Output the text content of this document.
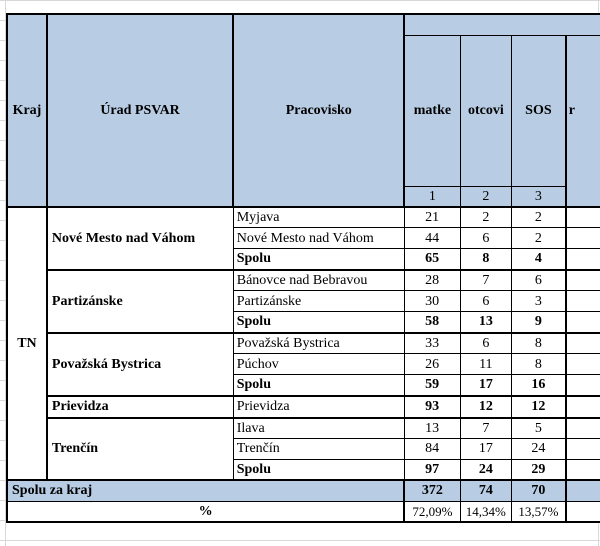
Kraj	Úrad PSVAR	Pracovisko				
			matke	otcovi	SOS	r
			1	2	3	
TN	Nové Mesto nad Váhom	Myjava	21	2	2	
		Nové Mesto nad Váhom	44	6	2	
		Spolu	65	8	4	
	Partizánske	Bánovce nad Bebravou	28	7	6	
		Partizánske	30	6	3	
		Spolu	58	13	9	
	Považská Bystrica	Považská Bystrica	33	6	8	
		Púchov	26	11	8	
		Spolu	59	17	16	
	Prievidza	Prievidza	93	12	12	
	Trenčín	Ilava	13	7	5	
		Trenčín	84	17	24	
		Spolu	97	24	29	
Spolu za kraj			372	74	70	
%			72,09%	14,34%	13,57%	
